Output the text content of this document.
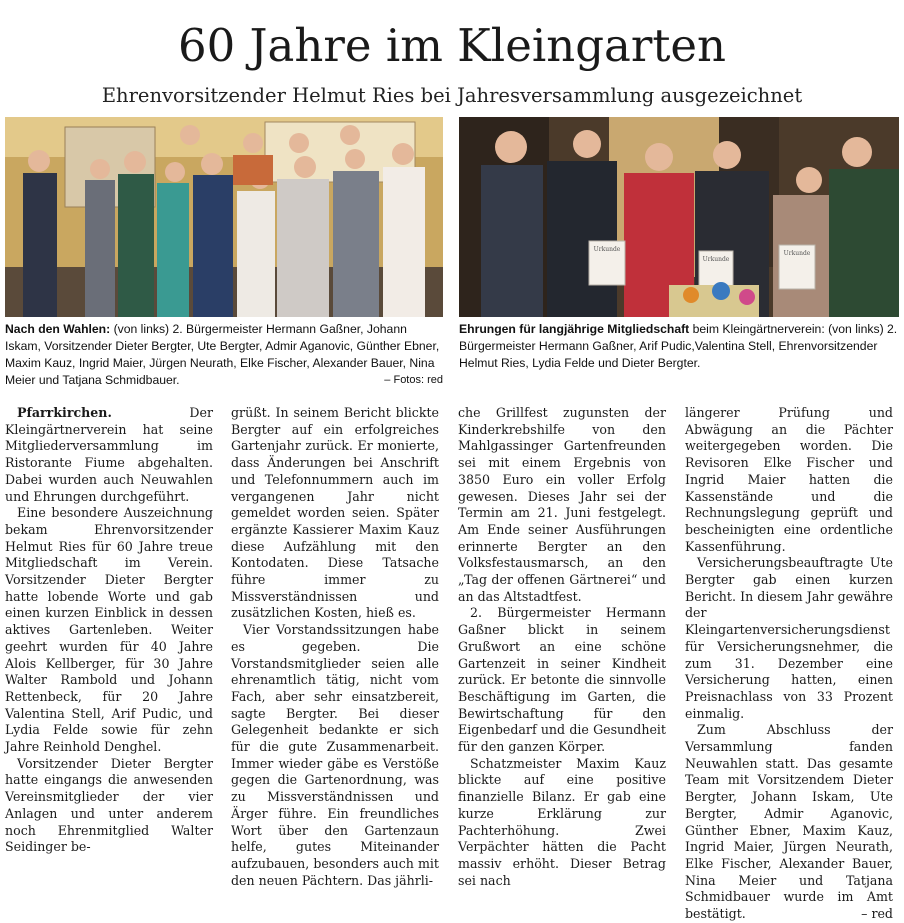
60 Jahre im Kleingarten
Ehrenvorsitzender Helmut Ries bei Jahresversammlung ausgezeichnet
Urkunde
Urkunde
Urkunde
Nach den Wahlen: (von links) 2. Bürgermeister Hermann Gaßner, Johann Iskam, Vorsitzender Dieter Bergter, Ute Bergter, Admir Aganovic, Günther Ebner, Maxim Kauz, Ingrid Maier, Jürgen Neurath, Elke Fischer, Alexander Bauer, Nina Meier und Tatjana Schmidbauer.	– Fotos: red
Ehrungen für langjährige Mitgliedschaft beim Kleingärtnerverein: (von links) 2. Bürgermeister Hermann Gaßner, Arif Pudic,Valentina Stell, Ehrenvorsitzender Helmut Ries, Lydia Felde und Dieter Bergter.

Pfarrkirchen. Der Kleingärtnerverein hat seine Mitgliederversammlung im Ristorante Fiume abgehalten. Dabei wurden auch Neuwahlen und Ehrungen durchgeführt.

Eine besondere Auszeichnung bekam Ehrenvorsitzender Helmut Ries für 60 Jahre treue Mitgliedschaft im Verein. Vorsitzender Dieter Bergter hatte lobende Worte und gab einen kurzen Einblick in dessen aktives Gartenleben. Weiter geehrt wurden für 40 Jahre Alois Kellberger, für 30 Jahre Walter Rambold und Johann Rettenbeck, für 20 Jahre Valentina Stell, Arif Pudic, und Lydia Felde sowie für zehn Jahre Reinhold Denghel.

Vorsitzender Dieter Bergter hatte eingangs die anwesenden Vereinsmitglieder der vier Anlagen und unter anderem noch Ehrenmitglied Walter Seidinger be-

grüßt. In seinem Bericht blickte Bergter auf ein erfolgreiches Gartenjahr zurück. Er monierte, dass Änderungen bei Anschrift und Telefonnummern auch im vergangenen Jahr nicht gemeldet worden seien. Später ergänzte Kassierer Maxim Kauz diese Aufzählung mit den Kontodaten. Diese Tatsache führe immer zu Missverständnissen und zusätzlichen Kosten, hieß es.

Vier Vorstandssitzungen habe es gegeben. Die Vorstandsmitglieder seien alle ehrenamtlich tätig, nicht vom Fach, aber sehr einsatzbereit, sagte Bergter. Bei dieser Gelegenheit bedankte er sich für die gute Zusammenarbeit. Immer wieder gäbe es Verstöße gegen die Gartenordnung, was zu Missverständnissen und Ärger führe. Ein freundliches Wort über den Gartenzaun helfe, gutes Miteinander aufzubauen, besonders auch mit den neuen Pächtern. Das jährli-

che Grillfest zugunsten der Kinderkrebshilfe von den Mahlgassinger Gartenfreunden sei mit einem Ergebnis von 3850 Euro ein voller Erfolg gewesen. Dieses Jahr sei der Termin am 21. Juni festgelegt. Am Ende seiner Ausführungen erinnerte Bergter an den Volksfestausmarsch, an den „Tag der offenen Gärtnerei“ und an das Altstadtfest.

2. Bürgermeister Hermann Gaßner blickt in seinem Grußwort an eine schöne Gartenzeit in seiner Kindheit zurück. Er betonte die sinnvolle Beschäftigung im Garten, die Bewirtschaftung für den Eigenbedarf und die Gesundheit für den ganzen Körper.

Schatzmeister Maxim Kauz blickte auf eine positive finanzielle Bilanz. Er gab eine kurze Erklärung zur Pachterhöhung. Zwei Verpächter hätten die Pacht massiv erhöht. Dieser Betrag sei nach

längerer Prüfung und Abwägung an die Pächter weitergegeben worden. Die Revisoren Elke Fischer und Ingrid Maier hatten die Kassenstände und die Rechnungslegung geprüft und bescheinigten eine ordentliche Kassenführung.

Versicherungsbeauftragte Ute Bergter gab einen kurzen Bericht. In diesem Jahr gewähre der Kleingartenversicherungsdienst für Versicherungsnehmer, die zum 31. Dezember eine Versicherung hatten, einen Preisnachlass von 33 Prozent einmalig.

Zum Abschluss der Versammlung fanden Neuwahlen statt. Das gesamte Team mit Vorsitzendem Dieter Bergter, Johann Iskam, Ute Bergter, Admir Aganovic, Günther Ebner, Maxim Kauz, Ingrid Maier, Jürgen Neurath, Elke Fischer, Alexander Bauer, Nina Meier und Tatjana Schmidbauer wurde im Amt bestätigt.	– red
